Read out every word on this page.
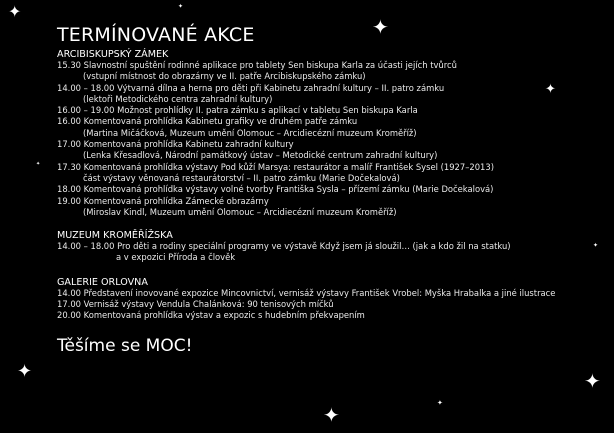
✦
✦
✦
✦	✦
✦	✦
✦
✦
✦
TERMÍNOVANÉ AKCE
ARCIBISKUPSKÝ ZÁMEK
15.30 Slavnostní spuštění rodinné aplikace pro tablety Sen biskupa Karla za účasti jejích tvůrců
(vstupní místnost do obrazárny ve II. patře Arcibiskupského zámku)
14.00 – 18.00 Výtvarná dílna a herna pro děti při Kabinetu zahradní kultury – II. patro zámku
(lektoři Metodického centra zahradní kultury)
16.00 – 19.00 Možnost prohlídky II. patra zámku s aplikací v tabletu Sen biskupa Karla
16.00 Komentovaná prohlídka Kabinetu grafiky ve druhém patře zámku
(Martina Mičáčková, Muzeum umění Olomouc – Arcidiecézní muzeum Kroměříž)
17.00 Komentovaná prohlídka Kabinetu zahradní kultury
(Lenka Křesadlová, Národní památkový ústav – Metodické centrum zahradní kultury)
17.30 Komentovaná prohlídka výstavy Pod kůží Marsya: restaurátor a malíř František Sysel (1927–2013)
část výstavy věnovaná restaurátorství – II. patro zámku (Marie Dočekalová)
18.00 Komentovaná prohlídka výstavy volné tvorby Františka Sysla – přízemí zámku (Marie Dočekalová)
19.00 Komentovaná prohlídka Zámecké obrazárny
(Miroslav Kindl, Muzeum umění Olomouc – Arcidiecézní muzeum Kroměříž)
MUZEUM KROMĚŘÍŽSKA
14.00 – 18.00 Pro děti a rodiny speciální programy ve výstavě Když jsem já sloužil… (jak a kdo žil na statku)
a v expozici Příroda a člověk
GALERIE ORLOVNA
14.00 Představení inovované expozice Mincovnictví, vernisáž výstavy František Vrobel: Myška Hrabalka a jiné ilustrace
17.00 Vernisáž výstavy Vendula Chalánková: 90 tenisových míčků
20.00 Komentovaná prohlídka výstav a expozic s hudebním překvapením
Těšíme se MOC!
